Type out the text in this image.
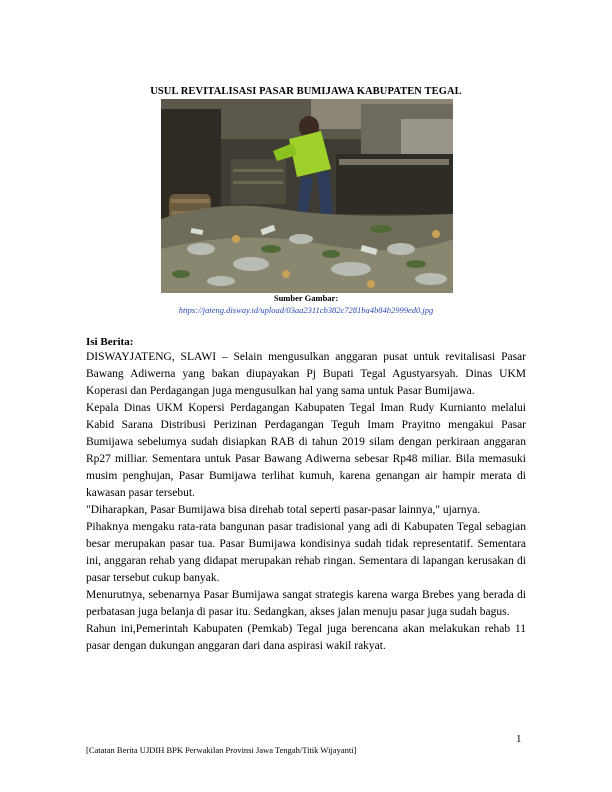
USUL REVITALISASI PASAR BUMIJAWA KABUPATEN TEGAL
Sumber Gambar:
https://jateng.disway.id/upload/03aa2311cb382c7281ba4b84b2999ed0.jpg
Isi Berita:

DISWAYJATENG, SLAWI – Selain mengusulkan anggaran pusat untuk revitalisasi Pasar Bawang Adiwerna yang bakan diupayakan Pj Bupati Tegal Agustyarsyah. Dinas UKM Koperasi dan Perdagangan juga mengusulkan hal yang sama untuk Pasar Bumijawa.

Kepala Dinas UKM Kopersi Perdagangan Kabupaten Tegal Iman Rudy Kurnianto melalui Kabid Sarana Distribusi Perizinan Perdagangan Teguh Imam Prayitno mengakui Pasar Bumijawa sebelumya sudah disiapkan RAB di tahun 2019 silam dengan perkiraan anggaran Rp27 milliar. Sementara untuk Pasar Bawang Adiwerna sebesar Rp48 miliar. Bila memasuki musim penghujan, Pasar Bumijawa terlihat kumuh, karena genangan air hampir merata di kawasan pasar tersebut.

"Diharapkan, Pasar Bumijawa bisa direhab total seperti pasar-pasar lainnya," ujarnya.

Pihaknya mengaku rata-rata bangunan pasar tradisional yang adi di Kabupaten Tegal sebagian besar merupakan pasar tua. Pasar Bumijawa kondisinya sudah tidak representatif. Sementara ini, anggaran rehab yang didapat merupakan rehab ringan. Sementara di lapangan kerusakan di pasar tersebut cukup banyak.

Menurutnya, sebenarnya Pasar Bumijawa sangat strategis karena warga Brebes yang berada di perbatasan juga belanja di pasar itu. Sedangkan, akses jalan menuju pasar juga sudah bagus.

Rahun ini,Pemerintah Kabupaten (Pemkab) Tegal juga berencana akan melakukan rehab 11 pasar dengan dukungan anggaran dari dana aspirasi wakil rakyat.

1
[Catatan Berita UJDIH BPK Perwakilan Provinsi Jawa Tengah/Titik Wijayanti]
